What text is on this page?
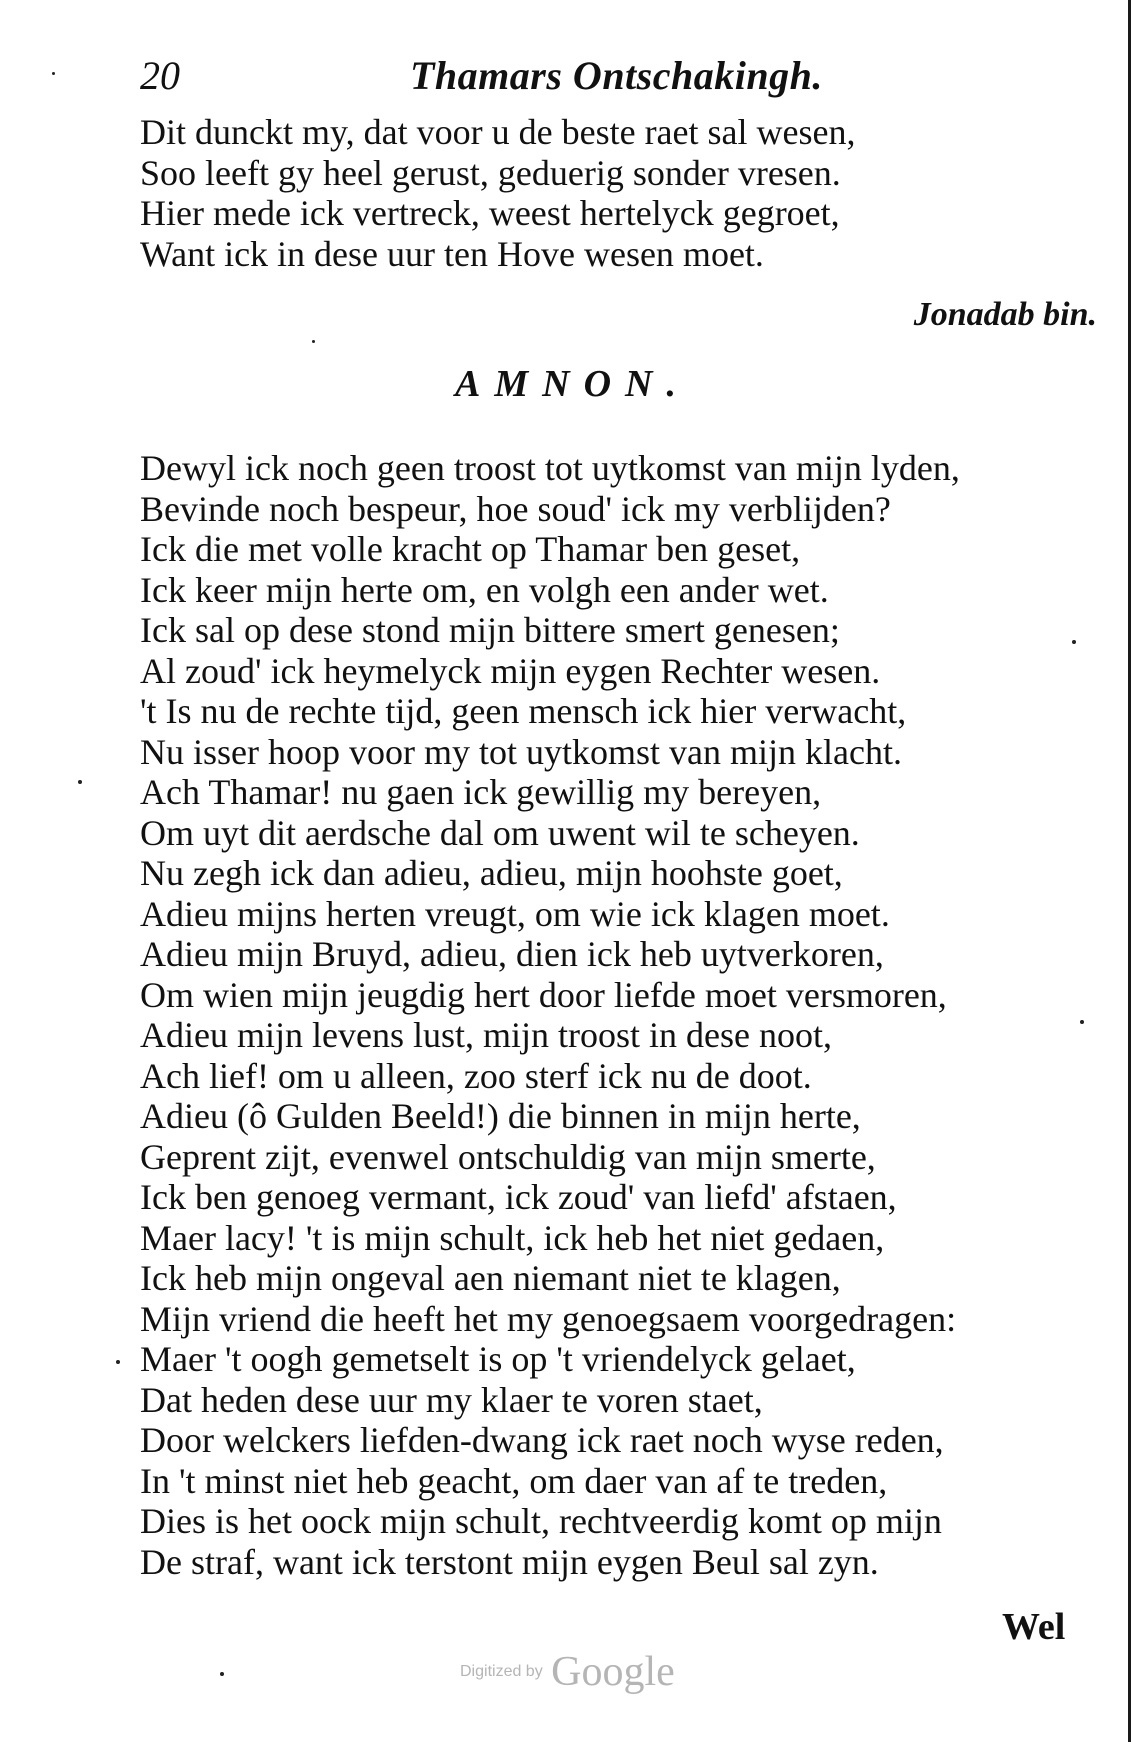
20	Thamars Ontschakingh.
Dit dunckt my, dat voor u de beste raet sal wesen,
Soo leeft gy heel gerust, geduerig sonder vresen.
Hier mede ick vertreck, weest hertelyck gegroet,
Want ick in dese uur ten Hove wesen moet.
Jonadab bin.
AMNON.
Dewyl ick noch geen troost tot uytkomst van mijn lyden,
Bevinde noch bespeur, hoe soud' ick my verblijden?
Ick die met volle kracht op Thamar ben geset,
Ick keer mijn herte om, en volgh een ander wet.
Ick sal op dese stond mijn bittere smert genesen;
Al zoud' ick heymelyck mijn eygen Rechter wesen.
't Is nu de rechte tijd, geen mensch ick hier verwacht,
Nu isser hoop voor my tot uytkomst van mijn klacht.
Ach Thamar! nu gaen ick gewillig my bereyen,
Om uyt dit aerdsche dal om uwent wil te scheyen.
Nu zegh ick dan adieu, adieu, mijn hoohste goet,
Adieu mijns herten vreugt, om wie ick klagen moet.
Adieu mijn Bruyd, adieu, dien ick heb uytverkoren,
Om wien mijn jeugdig hert door liefde moet versmoren,
Adieu mijn levens lust, mijn troost in dese noot,
Ach lief! om u alleen, zoo sterf ick nu de doot.
Adieu (ô Gulden Beeld!) die binnen in mijn herte,
Geprent zijt, evenwel ontschuldig van mijn smerte,
Ick ben genoeg vermant, ick zoud' van liefd' afstaen,
Maer lacy! 't is mijn schult, ick heb het niet gedaen,
Ick heb mijn ongeval aen niemant niet te klagen,
Mijn vriend die heeft het my genoegsaem voorgedragen:
Maer 't oogh gemetselt is op 't vriendelyck gelaet,
Dat heden dese uur my klaer te voren staet,
Door welckers liefden-dwang ick raet noch wyse reden,
In 't minst niet heb geacht, om daer van af te treden,
Dies is het oock mijn schult, rechtveerdig komt op mijn
De straf, want ick terstont mijn eygen Beul sal zyn.
Wel
Digitized by Google
